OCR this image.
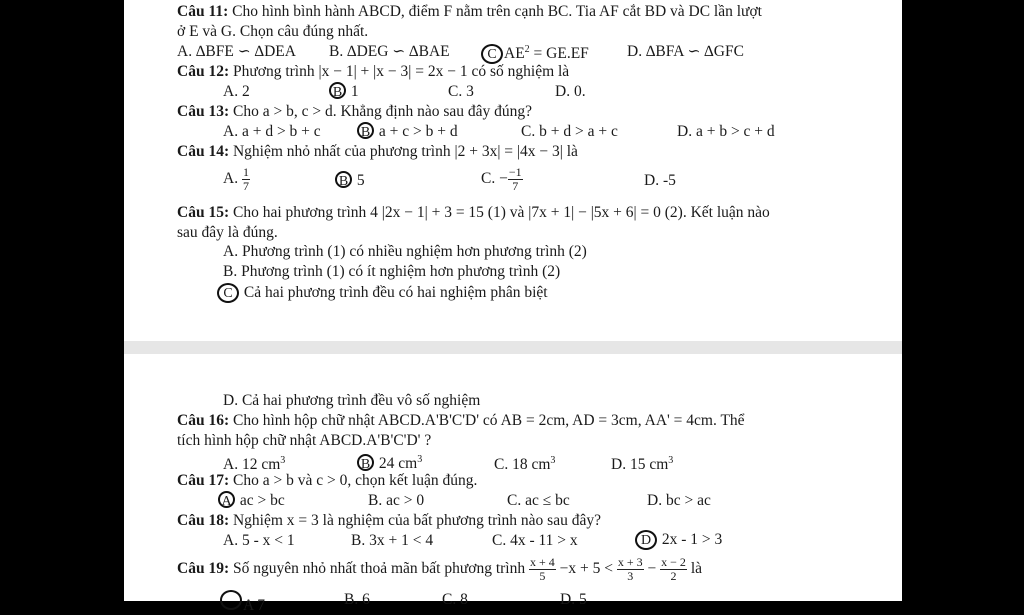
Câu 11: Cho hình bình hành ABCD, điểm F nằm trên cạnh BC. Tia AF cắt BD và DC lần lượt
ở E và G. Chọn câu đúng nhất.
A. ∆BFE ∽ ∆DEA B. ∆DEG ∽ ∆BAE	C $AE^2 = GE.EF$ D. ∆BFA ∽ ∆GFC
Câu 12: Phương trình |x − 1| + |x − 3| = 2x − 1 có số nghiệm là
A. 2	B 1	C. 3	D. 0.
Câu 13: Cho a > b, c > d. Khẳng định nào sau đây đúng?
A. a + d > b + c	B a + c > b + d	C. b + d > a + c	D. a + b > c + d
Câu 14: Nghiệm nhỏ nhất của phương trình |2 + 3x| = |4x − 3| là
A. $\frac{1}{7}$	B 5	C. − $\frac{-1}{7}$	D. -5
Câu 15: Cho hai phương trình 4 |2x − 1| + 3 = 15 (1) và |7x + 1| − |5x + 6| = 0 (2). Kết luận nào
sau đây là đúng.
A. Phương trình (1) có nhiều nghiệm hơn phương trình (2)
B. Phương trình (1) có ít nghiệm hơn phương trình (2)
C Cả hai phương trình đều có hai nghiệm phân biệt
D. Cả hai phương trình đều vô số nghiệm
Câu 16: Cho hình hộp chữ nhật ABCD.A'B'C'D' có AB = 2cm, AD = 3cm, AA' = 4cm. Thể
tích hình hộp chữ nhật ABCD.A'B'C'D' ?
A. 12 $cm^3$	B 24 $cm^3$	C. 18 $cm^3$	D. 15 $cm^3$
Câu 17: Cho a > b và c > 0, chọn kết luận đúng.
A ac > bc	B. ac > 0	C. ac ≤ bc	D. bc > ac
Câu 18: Nghiệm x = 3 là nghiệm của bất phương trình nào sau đây?
A. 5 - x < 1	B. 3x + 1 < 4	C. 4x - 11 > x	D 2x - 1 > 3
Câu 19: Số nguyên nhỏ nhất thoả mãn bất phương trình $\frac{x + 4}{5} -x + 5 < \frac{x + 3}{3} - \frac{x - 2}{2}$ là
A 7	B. 6	C. 8	D. 5
